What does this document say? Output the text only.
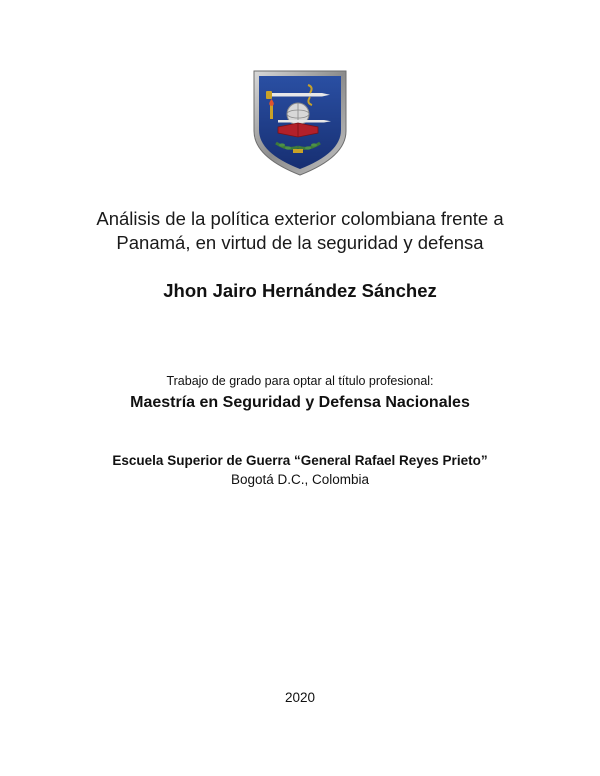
Análisis de la política exterior colombiana frente a
Panamá, en virtud de la seguridad y defensa
Jhon Jairo Hernández Sánchez
Trabajo de grado para optar al título profesional:
Maestría en Seguridad y Defensa Nacionales
Escuela Superior de Guerra “General Rafael Reyes Prieto”
Bogotá D.C., Colombia
2020
